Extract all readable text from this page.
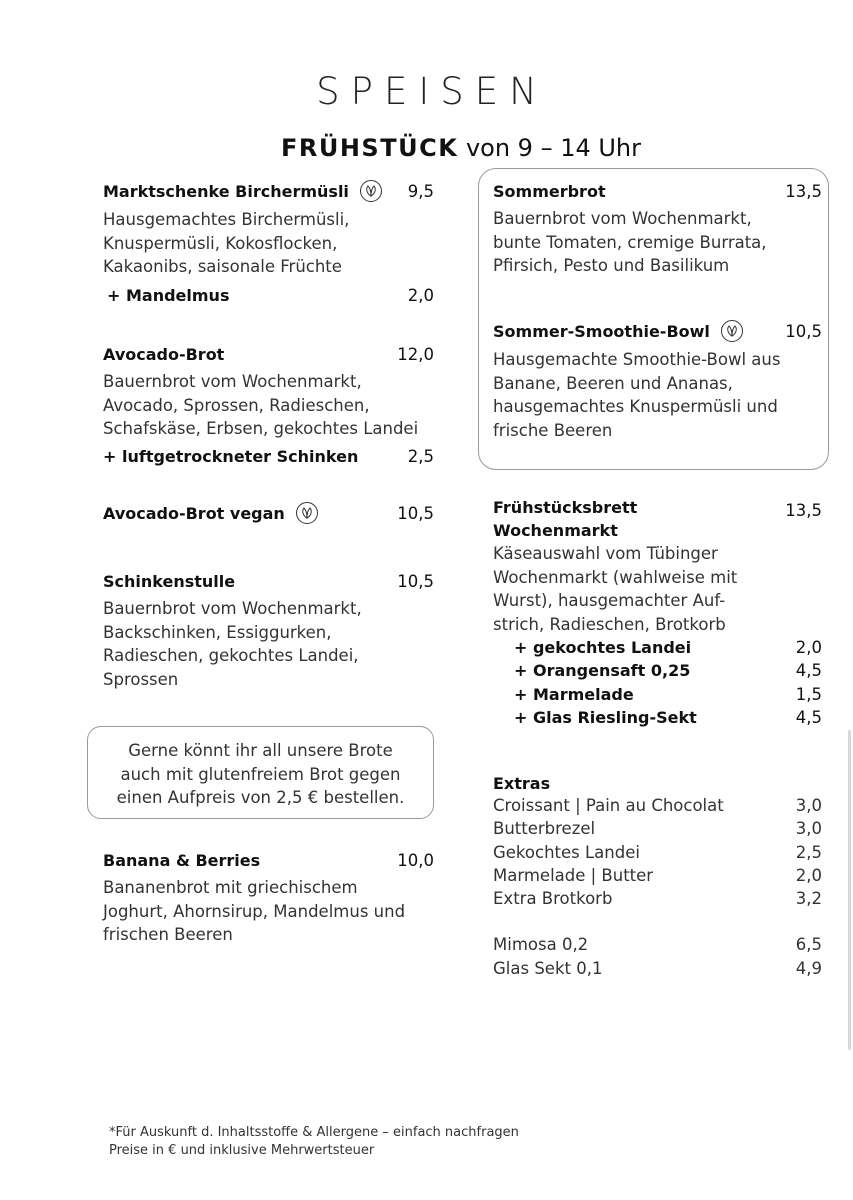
SPEISEN
FRÜHSTÜCK von 9 – 14 Uhr
Marktschenke Birchermüsli	9,5
Hausgemachtes Birchermüsli,
Knuspermüsli, Kokosflocken,
Kakaonibs, saisonale Früchte
+ Mandelmus	2,0
Avocado-Brot	12,0
Bauernbrot vom Wochenmarkt,
Avocado, Sprossen, Radieschen,
Schafskäse, Erbsen, gekochtes Landei
+ luftgetrockneter Schinken	2,5
Avocado-Brot vegan	10,5
Schinkenstulle	10,5
Bauernbrot vom Wochenmarkt,
Backschinken, Essiggurken,
Radieschen, gekochtes Landei,
Sprossen
Gerne könnt ihr all unsere Brote
auch mit glutenfreiem Brot gegen
einen Aufpreis von 2,5 € bestellen.
Banana & Berries	10,0
Bananenbrot mit griechischem
Joghurt, Ahornsirup, Mandelmus und
frischen Beeren
Sommerbrot	13,5
Bauernbrot vom Wochenmarkt,
bunte Tomaten, cremige Burrata,
Pfirsich, Pesto und Basilikum
Sommer-Smoothie-Bowl	10,5
Hausgemachte Smoothie-Bowl aus
Banane, Beeren und Ananas,
hausgemachtes Knuspermüsli und
frische Beeren
Frühstücksbrett
Wochenmarkt
13,5
Käseauswahl vom Tübinger
Wochenmarkt (wahlweise mit
Wurst), hausgemachter Auf-
strich, Radieschen, Brotkorb
+ gekochtes Landei	2,0
+ Orangensaft 0,25	4,5
+ Marmelade	1,5
+ Glas Riesling-Sekt	4,5
Extras
Croissant | Pain au Chocolat	3,0
Butterbrezel	3,0
Gekochtes Landei	2,5
Marmelade | Butter	2,0
Extra Brotkorb	3,2
Mimosa 0,2	6,5
Glas Sekt 0,1	4,9
*Für Auskunft d. Inhaltsstoffe & Allergene – einfach nachfragen
Preise in € und inklusive Mehrwertsteuer
